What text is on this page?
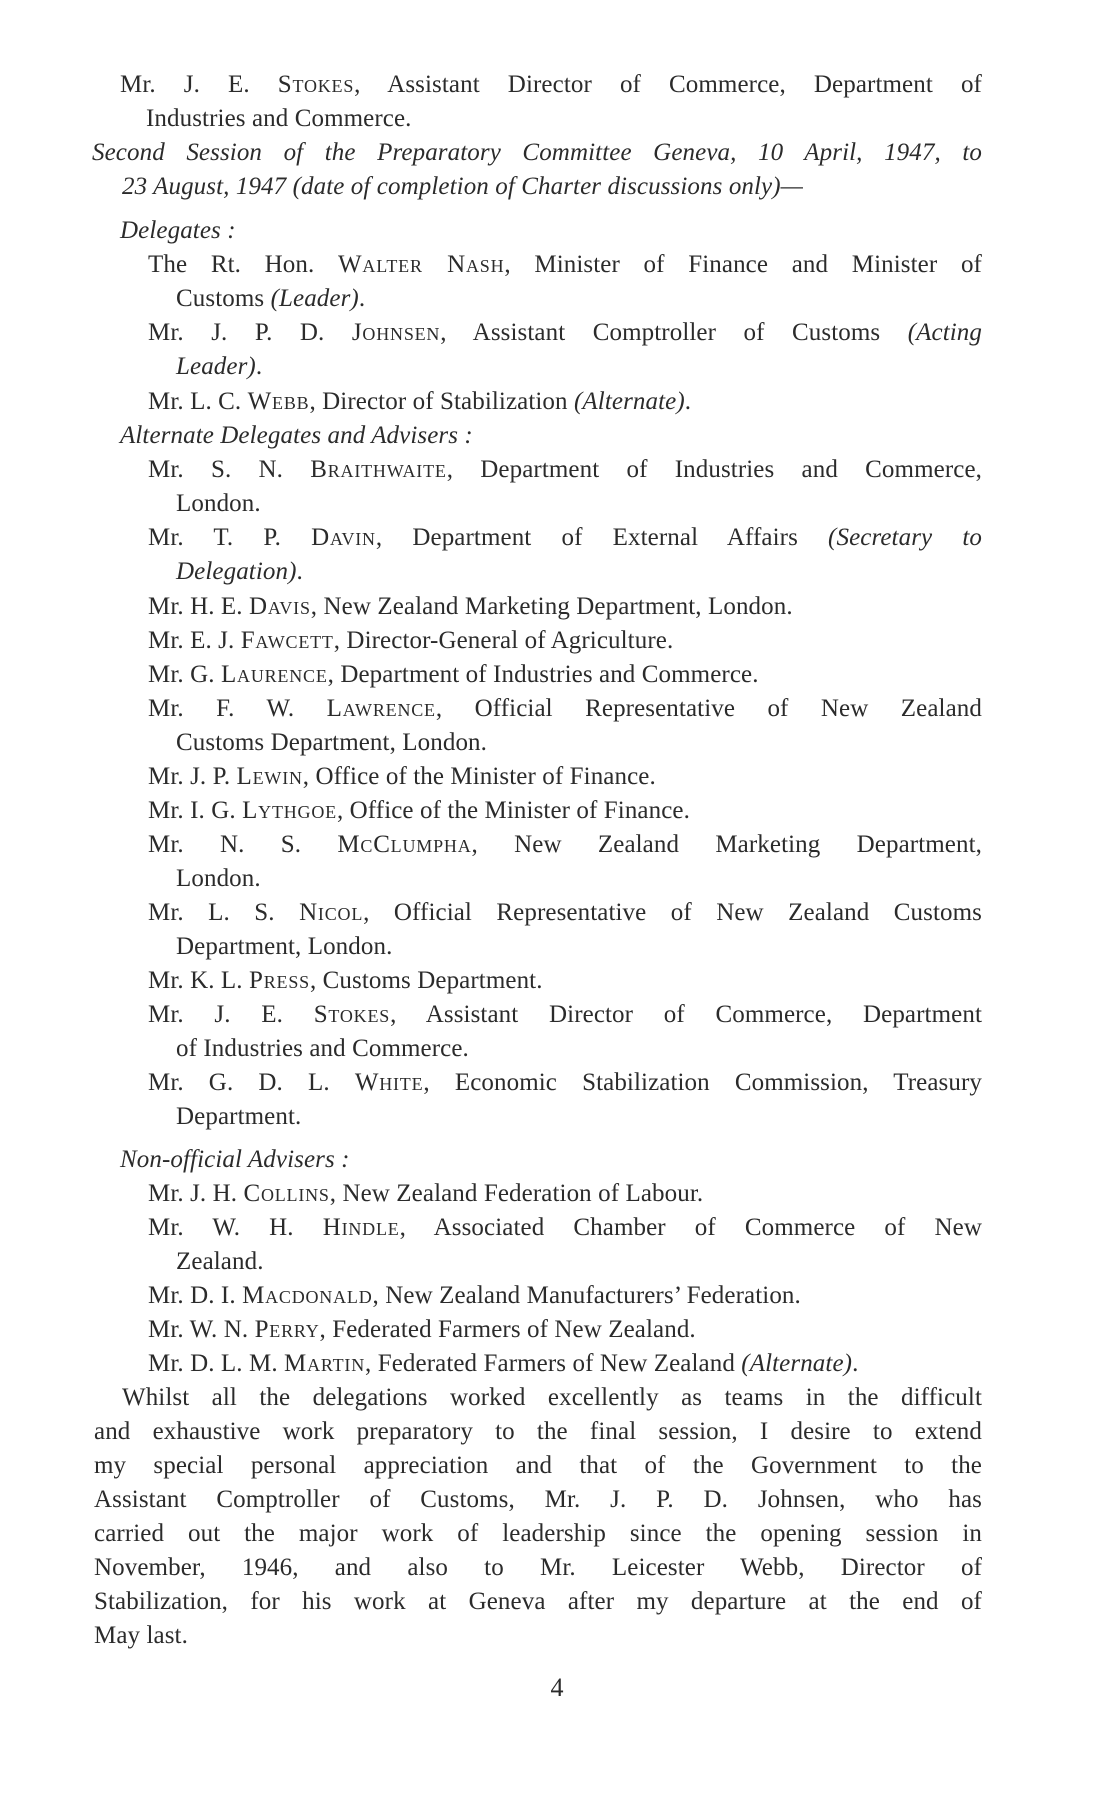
Mr. J. E. Stokes, Assistant Director of Commerce, Department of
Industries and Commerce.
Second Session of the Preparatory Committee Geneva, 10 April, 1947, to
23 August, 1947 (date of completion of Charter discussions only)—
Delegates :
The Rt. Hon. Walter Nash, Minister of Finance and Minister of
Customs (Leader).
Mr. J. P. D. Johnsen, Assistant Comptroller of Customs (Acting
Leader).
Mr. L. C. Webb, Director of Stabilization (Alternate).
Alternate Delegates and Advisers :
Mr. S. N. Braithwaite, Department of Industries and Commerce,
London.
Mr. T. P. Davin, Department of External Affairs (Secretary to
Delegation).
Mr. H. E. Davis, New Zealand Marketing Department, London.
Mr. E. J. Fawcett, Director-General of Agriculture.
Mr. G. Laurence, Department of Industries and Commerce.
Mr. F. W. Lawrence, Official Representative of New Zealand
Customs Department, London.
Mr. J. P. Lewin, Office of the Minister of Finance.
Mr. I. G. Lythgoe, Office of the Minister of Finance.
Mr. N. S. McClumpha, New Zealand Marketing Department,
London.
Mr. L. S. Nicol, Official Representative of New Zealand Customs
Department, London.
Mr. K. L. Press, Customs Department.
Mr. J. E. Stokes, Assistant Director of Commerce, Department
of Industries and Commerce.
Mr. G. D. L. White, Economic Stabilization Commission, Treasury
Department.
Non-official Advisers :
Mr. J. H. Collins, New Zealand Federation of Labour.
Mr. W. H. Hindle, Associated Chamber of Commerce of New
Zealand.
Mr. D. I. Macdonald, New Zealand Manufacturers’ Federation.
Mr. W. N. Perry, Federated Farmers of New Zealand.
Mr. D. L. M. Martin, Federated Farmers of New Zealand (Alternate).
Whilst all the delegations worked excellently as teams in the difficult
and exhaustive work preparatory to the final session, I desire to extend
my special personal appreciation and that of the Government to the
Assistant Comptroller of Customs, Mr. J. P. D. Johnsen, who has
carried out the major work of leadership since the opening session in
November, 1946, and also to Mr. Leicester Webb, Director of
Stabilization, for his work at Geneva after my departure at the end of
May last.
4
